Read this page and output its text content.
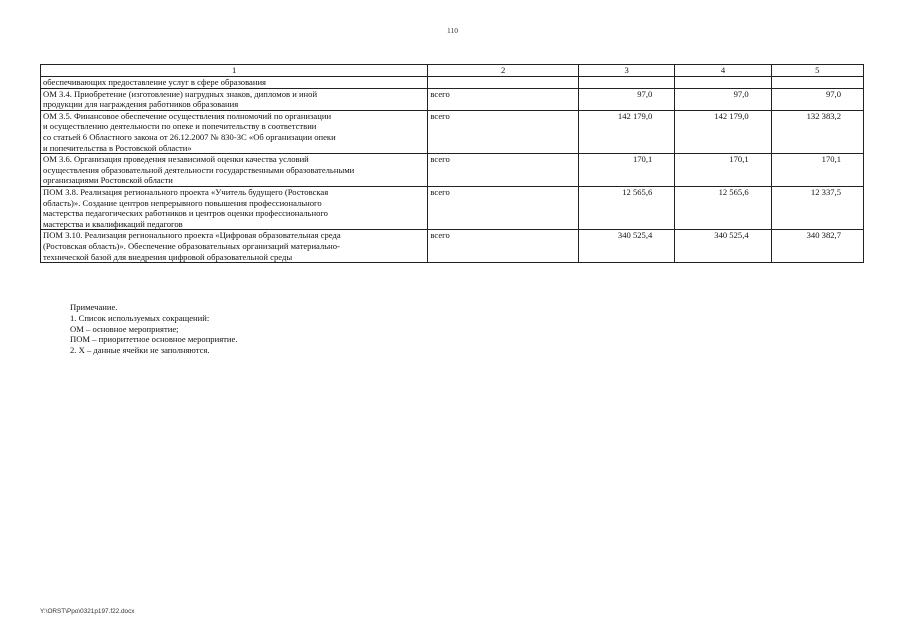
110
1	2	3	4	5

обеспечивающих предоставление услуг в сфере образования				

ОМ 3.4. Приобретение (изготовление) нагрудных знаков, дипломов и иной
продукции для награждения работников образования	всего	97,0	97,0	97,0

ОМ 3.5. Финансовое обеспечение осуществления полномочий по организации
и осуществлению деятельности по опеке и попечительству в соответствии
со статьей 6 Областного закона от 26.12.2007 № 830-ЗС «Об организации опеки
и попечительства в Ростовской области»	всего	142 179,0	142 179,0	132 383,2

ОМ 3.6. Организация проведения независимой оценки качества условий
осуществления образовательной деятельности государственными образовательными
организациями Ростовской области	всего	170,1	170,1	170,1

ПОМ 3.8. Реализация регионального проекта «Учитель будущего (Ростовская
область)». Создание центров непрерывного повышения профессионального
мастерства педагогических работников и центров оценки профессионального
мастерства и квалификаций педагогов	всего	12 565,6	12 565,6	12 337,5

ПОМ 3.10. Реализация регионального проекта «Цифровая образовательная среда
(Ростовская область)». Обеспечение образовательных организаций материально-
технической базой для внедрения цифровой образовательной среды	всего	340 525,4	340 525,4	340 382,7
Примечание.
1. Список используемых сокращений:
ОМ – основное мероприятие;
ПОМ – приоритетное основное мероприятие.
2. Х – данные ячейки не заполняются.
Y:\ORST\Ppo\0321p197.f22.docx
